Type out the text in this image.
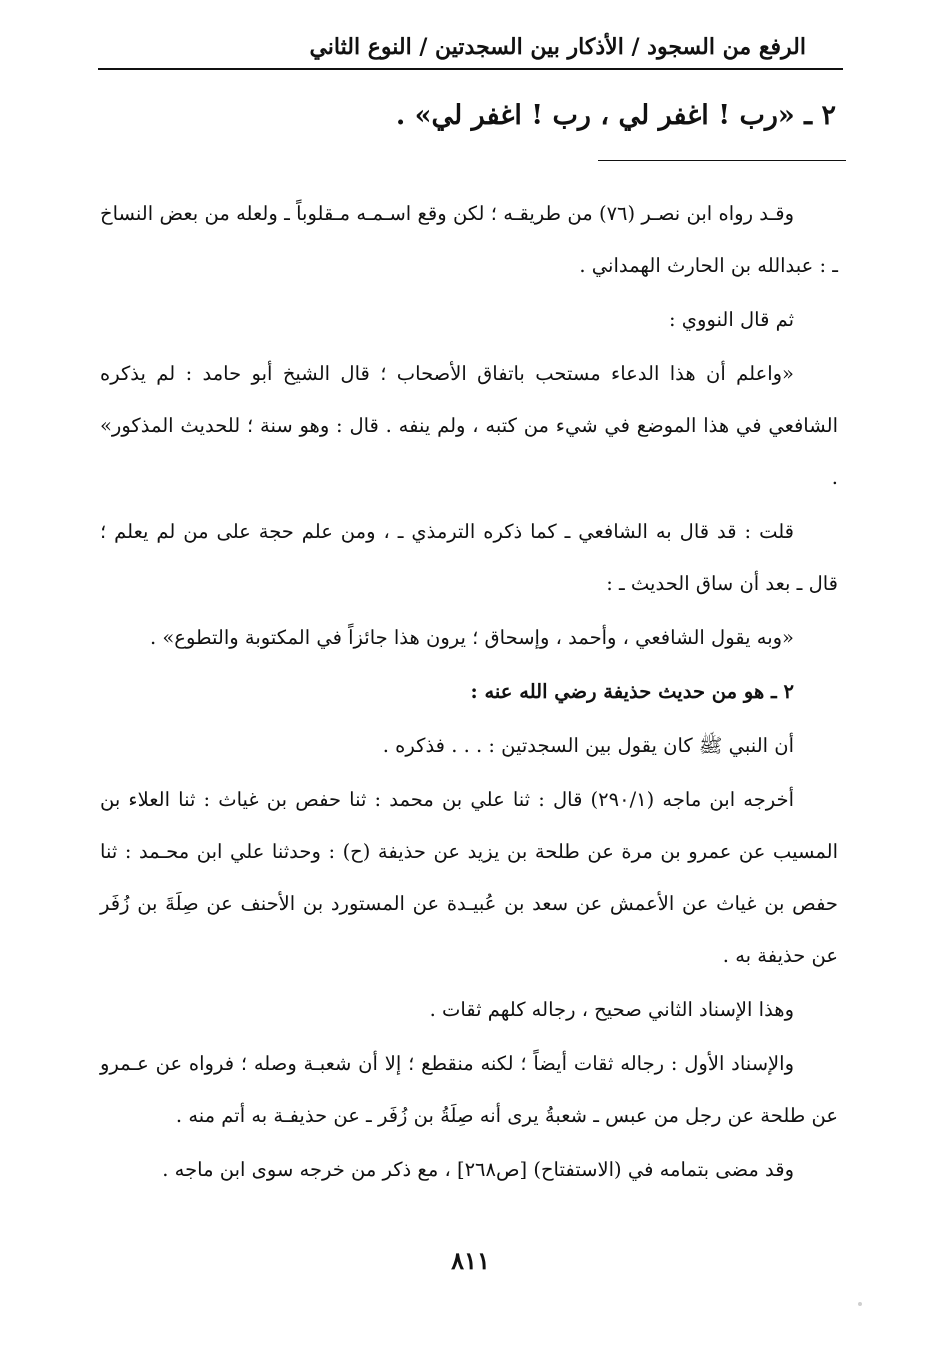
الرفع من السجود / الأذكار بين السجدتين / النوع الثاني
٢ ـ «رب ! اغفر لي ، رب ! اغفر لي» .

وقـد رواه ابن نصـر (٧٦) من طريقـه ؛ لكن وقع اسـمـه مـقلوباً ـ ولعله من بعض النساخ ـ : عبدالله بن الحارث الهمداني .

ثم قال النووي :

«واعلم أن هذا الدعاء مستحب باتفاق الأصحاب ؛ قال الشيخ أبو حامد : لم يذكره الشافعي في هذا الموضع في شيء من كتبه ، ولم ينفه . قال : وهو سنة ؛ للحديث المذكور» .

قلت : قد قال به الشافعي ـ كما ذكره الترمذي ـ ، ومن علم حجة على من لم يعلم ؛ قال ـ بعد أن ساق الحديث ـ :

«وبه يقول الشافعي ، وأحمد ، وإسحاق ؛ يرون هذا جائزاً في المكتوبة والتطوع» .

٢ ـ هو من حديث حذيفة رضي الله عنه :

أن النبي ﷺ كان يقول بين السجدتين : . . . فذكره .

أخرجه ابن ماجه (٢٩٠/١) قال : ثنا علي بن محمد : ثنا حفص بن غياث : ثنا العلاء بن المسيب عن عمرو بن مرة عن طلحة بن يزيد عن حذيفة (ح) : وحدثنا علي ابن محـمد : ثنا حفص بن غياث عن الأعمش عن سعد بن عُبيـدة عن المستورد بن الأحنف عن صِلَةَ بن زُفَر عن حذيفة به .

وهذا الإسناد الثاني صحيح ، رجاله كلهم ثقات .

والإسناد الأول : رجاله ثقات أيضاً ؛ لكنه منقطع ؛ إلا أن شعبـة وصله ؛ فرواه عن عـمرو عن طلحة عن رجل من عبس ـ شعبةُ يرى أنه صِلَةُ بن زُفَر ـ عن حذيفـة به أتم منه .

وقد مضى بتمامه في (الاستفتاح) [ص٢٦٨] ، مع ذكر من خرجه سوى ابن ماجه .

٨١١
